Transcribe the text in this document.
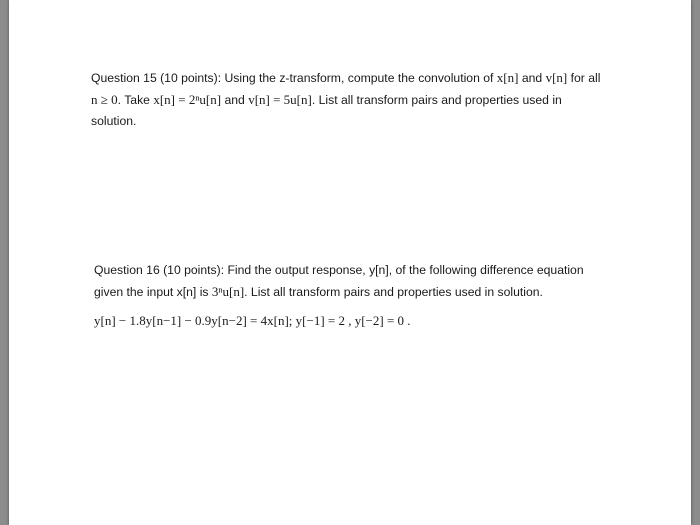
Question 15 (10 points): Using the z-transform, compute the convolution of x[n] and v[n] for all
n ≥ 0. Take x[n] = 2ⁿu[n] and v[n] = 5u[n]. List all transform pairs and properties used in
solution.
Question 16 (10 points): Find the output response, y[n], of the following difference equation
given the input x[n] is 3ⁿu[n]. List all transform pairs and properties used in solution.
y[n] − 1.8y[n−1] − 0.9y[n−2] = 4x[n]; y[−1] = 2 , y[−2] = 0 .
